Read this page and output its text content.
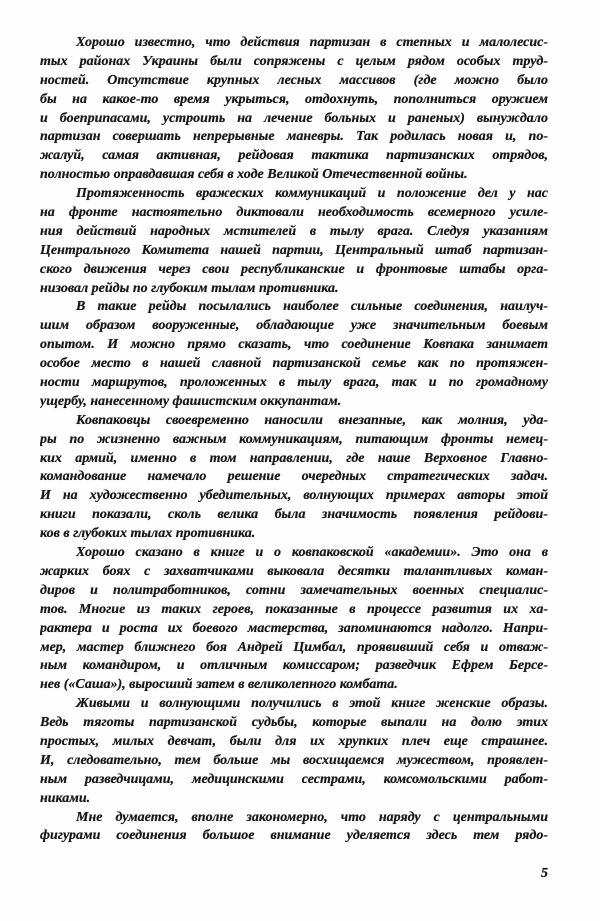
Хорошо известно, что действия партизан в степных и малолесис-
тых районах Украины были сопряжены с целым рядом особых труд-
ностей. Отсутствие крупных лесных массивов (где можно было
бы на какое-то время укрыться, отдохнуть, пополниться оружием
и боеприпасами, устроить на лечение больных и раненых) вынуждало
партизан совершать непрерывные маневры. Так родилась новая и, по-
жалуй, самая активная, рейдовая тактика партизанских отрядов,
полностью оправдавшая себя в ходе Великой Отечественной войны.
Протяженность вражеских коммуникаций и положение дел у нас
на фронте настоятельно диктовали необходимость всемерного усиле-
ния действий народных мстителей в тылу врага. Следуя указаниям
Центрального Комитета нашей партии, Центральный штаб партизан-
ского движения через свои республиканские и фронтовые штабы орга-
низовал рейды по глубоким тылам противника.
В такие рейды посылались наиболее сильные соединения, наилуч-
шим образом вооруженные, обладающие уже значительным боевым
опытом. И можно прямо сказать, что соединение Ковпака занимает
особое место в нашей славной партизанской семье как по протяжен-
ности маршрутов, проложенных в тылу врага, так и по громадному
ущербу, нанесенному фашистским оккупантам.
Ковпаковцы своевременно наносили внезапные, как молния, уда-
ры по жизненно важным коммуникациям, питающим фронты немец-
ких армий, именно в том направлении, где наше Верховное Главно-
командование намечало решение очередных стратегических задач.
И на художественно убедительных, волнующих примерах авторы этой
книги показали, сколь велика была значимость появления рейдови-
ков в глубоких тылах противника.
Хорошо сказано в книге и о ковпаковской «академии». Это она в
жарких боях с захватчиками выковала десятки талантливых коман-
диров и политработников, сотни замечательных военных специалис-
тов. Многие из таких героев, показанные в процессе развития их ха-
рактера и роста их боевого мастерства, запоминаются надолго. Напри-
мер, мастер ближнего боя Андрей Цимбал, проявивший себя и отваж-
ным командиром, и отличным комиссаром; разведчик Ефрем Берсе-
нев («Саша»), выросший затем в великолепного комбата.
Живыми и волнующими получились в этой книге женские образы.
Ведь тяготы партизанской судьбы, которые выпали на долю этих
простых, милых девчат, были для их хрупких плеч еще страшнее.
И, следовательно, тем больше мы восхищаемся мужеством, проявлен-
ным разведчицами, медицинскими сестрами, комсомольскими работ-
никами.
Мне думается, вполне закономерно, что наряду с центральными
фигурами соединения большое внимание уделяется здесь тем рядо-
5
